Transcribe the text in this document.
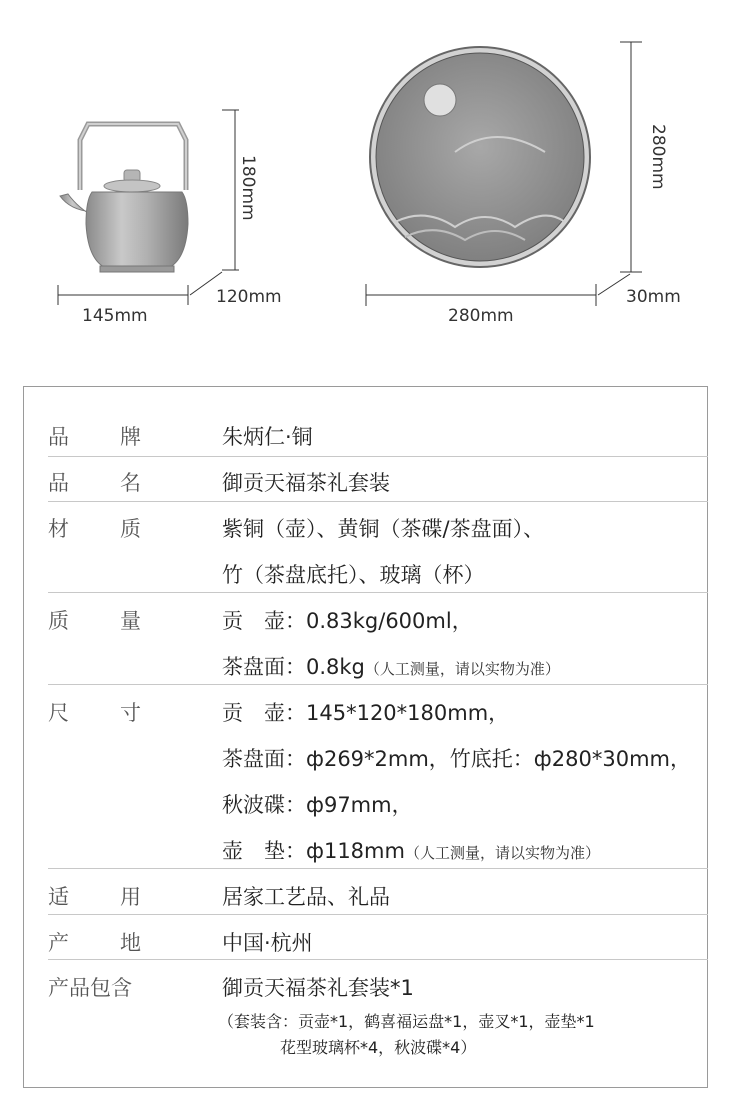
180mm
145mm
120mm
280mm
280mm
30mm
品 牌	朱炳仁·铜
品 名	御贡天福茶礼套装
材 质	紫铜（壶）、黄铜（茶碟/茶盘面）、
竹（茶盘底托）、玻璃（杯）
质 量	贡　壶：0.83kg/600ml，
茶盘面：0.8kg（人工测量，请以实物为准）
尺 寸	贡　壶：145*120*180mm，
茶盘面：ф269*2mm，竹底托：ф280*30mm，
秋波碟：ф97mm，
壶　垫：ф118mm（人工测量，请以实物为准）
适 用	居家工艺品、礼品
产 地	中国·杭州
产品包含	御贡天福茶礼套装*1
（套装含：贡壶*1，鹤喜福运盘*1，壶叉*1，壶垫*1
花型玻璃杯*4，秋波碟*4）
